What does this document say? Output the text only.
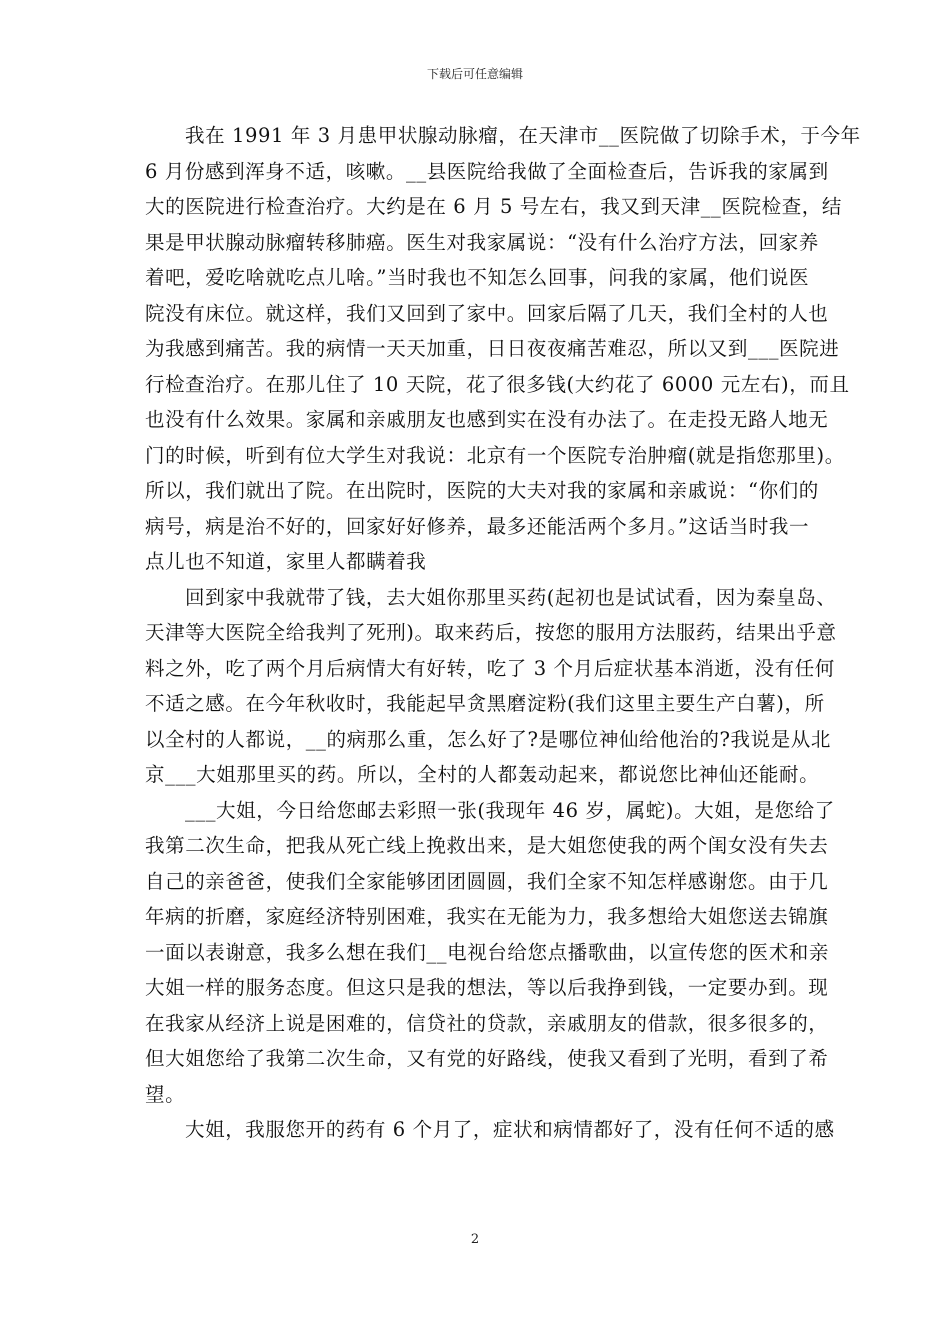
下载后可任意编辑
我在 1991 年 3 月患甲状腺动脉瘤，在天津市__医院做了切除手术，于今年
6 月份感到浑身不适，咳嗽。__县医院给我做了全面检查后，告诉我的家属到
大的医院进行检查治疗。大约是在 6 月 5 号左右，我又到天津__医院检查，结
果是甲状腺动脉瘤转移肺癌。医生对我家属说：“没有什么治疗方法，回家养
着吧，爱吃啥就吃点儿啥。”当时我也不知怎么回事，问我的家属，他们说医
院没有床位。就这样，我们又回到了家中。回家后隔了几天，我们全村的人也
为我感到痛苦。我的病情一天天加重，日日夜夜痛苦难忍，所以又到___医院进
行检查治疗。在那儿住了 10 天院，花了很多钱(大约花了 6000 元左右)，而且
也没有什么效果。家属和亲戚朋友也感到实在没有办法了。在走投无路人地无
门的时候，听到有位大学生对我说：北京有一个医院专治肿瘤(就是指您那里)。
所以，我们就出了院。在出院时，医院的大夫对我的家属和亲戚说：“你们的
病号，病是治不好的，回家好好修养，最多还能活两个多月。”这话当时我一
点儿也不知道，家里人都瞒着我
回到家中我就带了钱，去大姐你那里买药(起初也是试试看，因为秦皇岛、
天津等大医院全给我判了死刑)。取来药后，按您的服用方法服药，结果出乎意
料之外，吃了两个月后病情大有好转，吃了 3 个月后症状基本消逝，没有任何
不适之感。在今年秋收时，我能起早贪黑磨淀粉(我们这里主要生产白薯)，所
以全村的人都说，__的病那么重，怎么好了?是哪位神仙给他治的?我说是从北
京___大姐那里买的药。所以，全村的人都轰动起来，都说您比神仙还能耐。
___大姐，今日给您邮去彩照一张(我现年 46 岁，属蛇)。大姐，是您给了
我第二次生命，把我从死亡线上挽救出来，是大姐您使我的两个闺女没有失去
自己的亲爸爸，使我们全家能够团团圆圆，我们全家不知怎样感谢您。由于几
年病的折磨，家庭经济特别困难，我实在无能为力，我多想给大姐您送去锦旗
一面以表谢意，我多么想在我们__电视台给您点播歌曲，以宣传您的医术和亲
大姐一样的服务态度。但这只是我的想法，等以后我挣到钱，一定要办到。现
在我家从经济上说是困难的，信贷社的贷款，亲戚朋友的借款，很多很多的，
但大姐您给了我第二次生命，又有党的好路线，使我又看到了光明，看到了希
望。
大姐，我服您开的药有 6 个月了，症状和病情都好了，没有任何不适的感
2
